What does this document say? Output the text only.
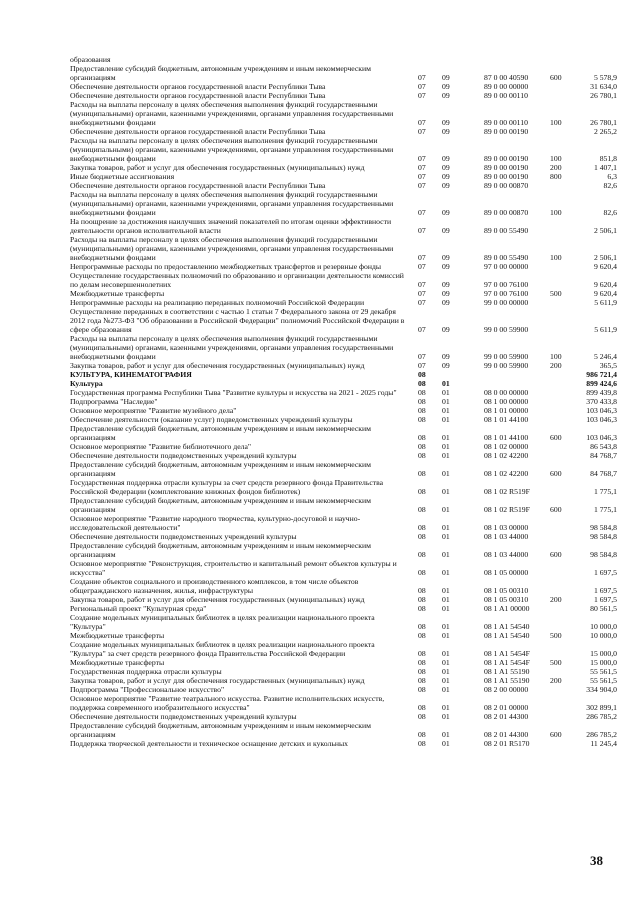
образования					
Предоставление субсидий бюджетным, автономным учреждениям и иным некоммерческим организациям	07	09	87 0 00 40590	600	5 578,9
Обеспечение деятельности органов государственной власти Республики Тыва	07	09	89 0 00 00000		31 634,0
Обеспечение деятельности органов государственной власти Республики Тыва	07	09	89 0 00 00110		26 780,1
Расходы на выплаты персоналу в целях обеспечения выполнения функций государственными (муниципальными) органами, казенными учреждениями, органами управления государственными внебюджетными фондами	07	09	89 0 00 00110	100	26 780,1
Обеспечение деятельности органов государственной власти Республики Тыва	07	09	89 0 00 00190		2 265,2
Расходы на выплаты персоналу в целях обеспечения выполнения функций государственными (муниципальными) органами, казенными учреждениями, органами управления государственными внебюджетными фондами	07	09	89 0 00 00190	100	851,8
Закупка товаров, работ и услуг для обеспечения государственных (муниципальных) нужд	07	09	89 0 00 00190	200	1 407,1
Иные бюджетные ассигнования	07	09	89 0 00 00190	800	6,3
Обеспечение деятельности органов государственной власти Республики Тыва	07	09	89 0 00 00870		82,6
Расходы на выплаты персоналу в целях обеспечения выполнения функций государственными (муниципальными) органами, казенными учреждениями, органами управления государственными внебюджетными фондами	07	09	89 0 00 00870	100	82,6
На поощрение за достижения наилучших значений показателей по итогам оценки эффективности деятельности органов исполнительной власти	07	09	89 0 00 55490		2 506,1
Расходы на выплаты персоналу в целях обеспечения выполнения функций государственными (муниципальными) органами, казенными учреждениями, органами управления государственными внебюджетными фондами	07	09	89 0 00 55490	100	2 506,1
Непрограммные расходы по предоставлению межбюджетных трансфертов и резервные фонды	07	09	97 0 00 00000		9 620,4
Осуществление государственных полномочий по образованию и организации деятельности комиссий по делам несовершеннолетних	07	09	97 0 00 76100		9 620,4
Межбюджетные трансферты	07	09	97 0 00 76100	500	9 620,4
Непрограммные расходы на реализацию переданных полномочий Российской Федерации	07	09	99 0 00 00000		5 611,9
Осуществление переданных в соответствии с частью 1 статьи 7 Федерального закона от 29 декабря 2012 года №273-ФЗ "Об образовании в Российской Федерации" полномочий Российской Федерации в сфере образования	07	09	99 0 00 59900		5 611,9
Расходы на выплаты персоналу в целях обеспечения выполнения функций государственными (муниципальными) органами, казенными учреждениями, органами управления государственными внебюджетными фондами	07	09	99 0 00 59900	100	5 246,4
Закупка товаров, работ и услуг для обеспечения государственных (муниципальных) нужд	07	09	99 0 00 59900	200	365,5
КУЛЬТУРА, КИНЕМАТОГРАФИЯ	08				986 721,4
Культура	08	01			899 424,6
Государственная программа Республики Тыва "Развитие культуры и искусства на 2021 - 2025 годы"	08	01	08 0 00 00000		899 439,8
Подпрограмма "Наследие"	08	01	08 1 00 00000		370 433,8
Основное мероприятие "Развитие музейного дела"	08	01	08 1 01 00000		103 046,3
Обеспечение деятельности (оказание услуг) подведомственных учреждений культуры	08	01	08 1 01 44100		103 046,3
Предоставление субсидий бюджетным, автономным учреждениям и иным некоммерческим организациям	08	01	08 1 01 44100	600	103 046,3
Основное мероприятие "Развитие библиотечного дела"	08	01	08 1 02 00000		86 543,8
Обеспечение деятельности подведомственных учреждений культуры	08	01	08 1 02 42200		84 768,7
Предоставление субсидий бюджетным, автономным учреждениям и иным некоммерческим организациям	08	01	08 1 02 42200	600	84 768,7
Государственная поддержка отрасли культуры за счет средств резервного фонда Правительства Российской Федерации (комплектование книжных фондов библиотек)	08	01	08 1 02 R519F		1 775,1
Предоставление субсидий бюджетным, автономным учреждениям и иным некоммерческим организациям	08	01	08 1 02 R519F	600	1 775,1
Основное мероприятие "Развитие народного творчества, культурно-досуговой и научно-исследовательской деятельности"	08	01	08 1 03 00000		98 584,8
Обеспечение деятельности подведомственных учреждений культуры	08	01	08 1 03 44000		98 584,8
Предоставление субсидий бюджетным, автономным учреждениям и иным некоммерческим организациям	08	01	08 1 03 44000	600	98 584,8
Основное мероприятие "Реконструкция, строительство и капитальный ремонт объектов культуры и искусства"	08	01	08 1 05 00000		1 697,5
Создание объектов социального и производственного комплексов, в том числе объектов общегражданского назначения, жилья, инфраструктуры	08	01	08 1 05 00310		1 697,5
Закупка товаров, работ и услуг для обеспечения государственных (муниципальных) нужд	08	01	08 1 05 00310	200	1 697,5
Региональный проект "Культурная среда"	08	01	08 1 A1 00000		80 561,5
Создание модельных муниципальных библиотек в целях реализации национального проекта "Культура"	08	01	08 1 A1 54540		10 000,0
Межбюджетные трансферты	08	01	08 1 A1 54540	500	10 000,0
Создание модельных муниципальных библиотек в целях реализации национального проекта "Культура" за счет средств резервного фонда Правительства Российской Федерации	08	01	08 1 A1 5454F		15 000,0
Межбюджетные трансферты	08	01	08 1 A1 5454F	500	15 000,0
Государственная поддержка отрасли культуры	08	01	08 1 A1 55190		55 561,5
Закупка товаров, работ и услуг для обеспечения государственных (муниципальных) нужд	08	01	08 1 A1 55190	200	55 561,5
Подпрограмма "Профессиональное искусство"	08	01	08 2 00 00000		334 904,0
Основное мероприятие "Развитие театрального искусства. Развитие исполнительских искусств, поддержка современного изобразительного искусства"	08	01	08 2 01 00000		302 899,1
Обеспечение деятельности подведомственных учреждений культуры	08	01	08 2 01 44300		286 785,2
Предоставление субсидий бюджетным, автономным учреждениям и иным некоммерческим организациям	08	01	08 2 01 44300	600	286 785,2
Поддержка творческой деятельности и техническое оснащение детских и кукольных	08	01	08 2 01 R5170		11 245,4
38
